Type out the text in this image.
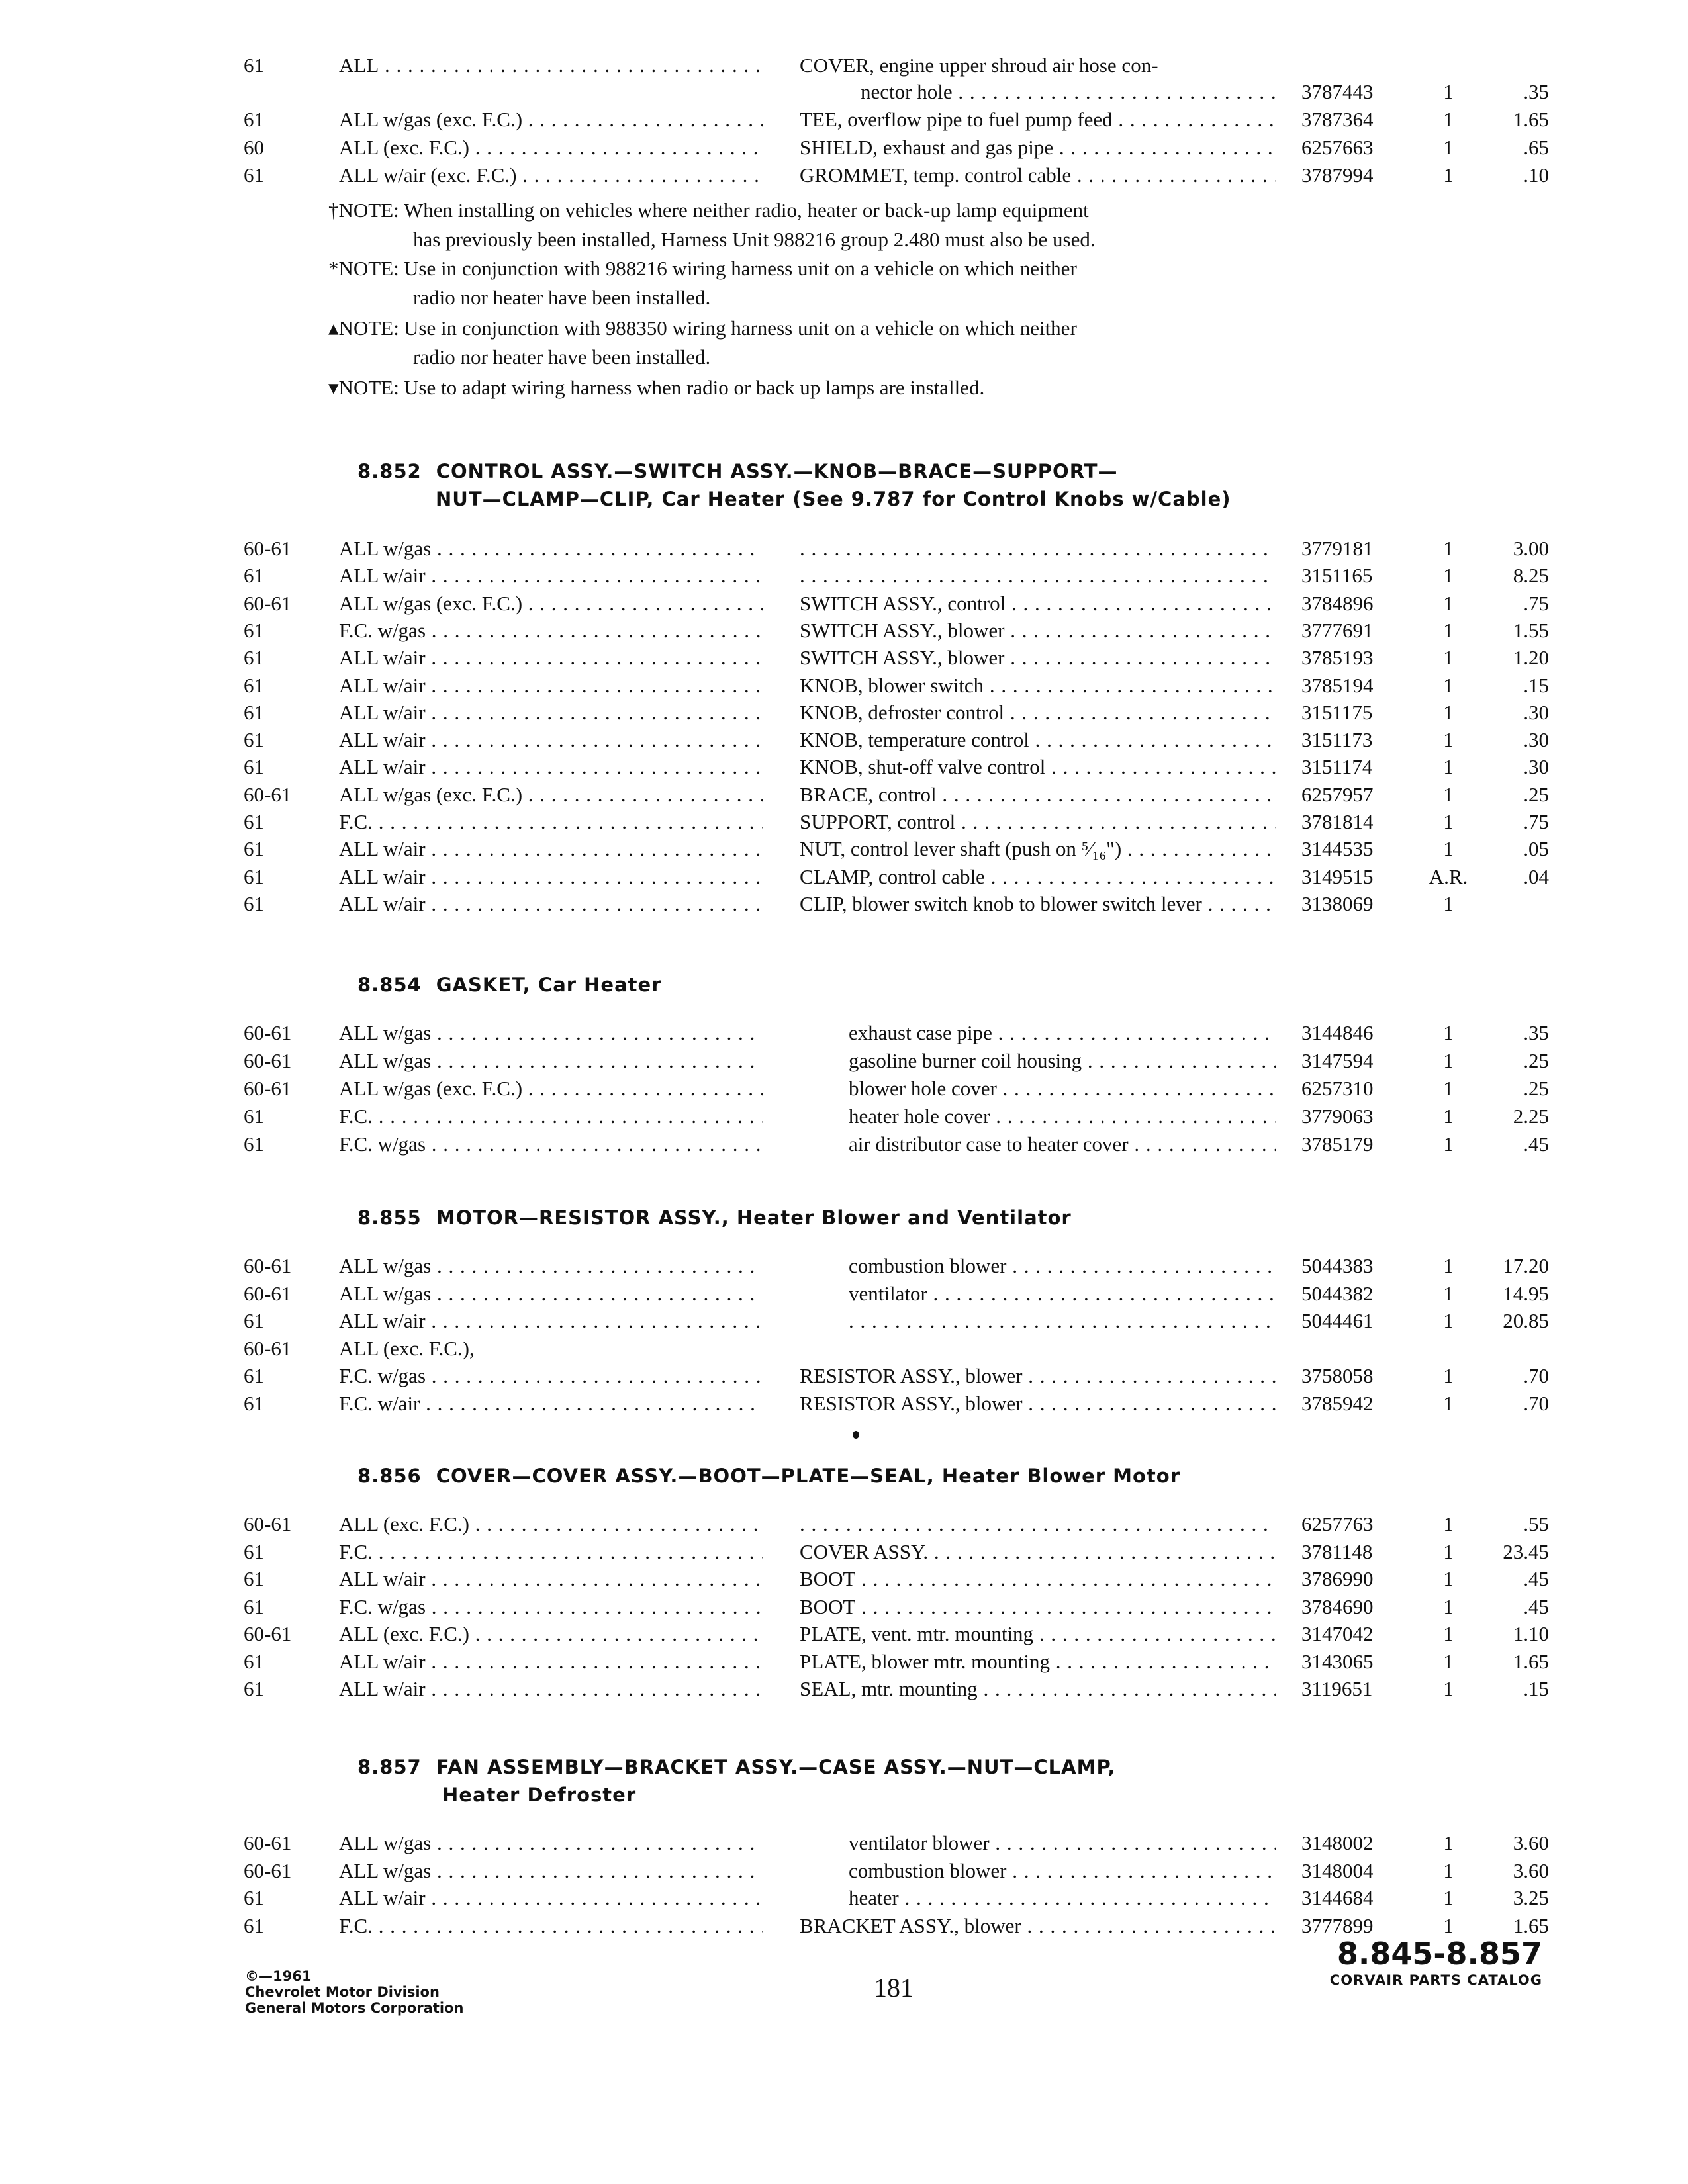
61	ALL . . .	COVER, engine upper shroud air hose con-
nector hole . . .	3787443	1	.35
61	ALL w/gas (exc. F.C.) . . .	TEE, overflow pipe to fuel pump feed . . .	3787364	1	1.65
60	ALL (exc. F.C.) . . .	SHIELD, exhaust and gas pipe . . .	6257663	1	.65
61	ALL w/air (exc. F.C.) . . .	GROMMET, temp. control cable . . .	3787994	1	.10
†NOTE: When installing on vehicles where neither radio, heater or back-up lamp equipment
has previously been installed, Harness Unit 988216 group 2.480 must also be used.
*NOTE: Use in conjunction with 988216 wiring harness unit on a vehicle on which neither
radio nor heater have been installed.
▴NOTE: Use in conjunction with 988350 wiring harness unit on a vehicle on which neither
radio nor heater have been installed.
▾NOTE: Use to adapt wiring harness when radio or back up lamps are installed.
8.852 CONTROL ASSY.—SWITCH ASSY.—KNOB—BRACE—SUPPORT—
NUT—CLAMP—CLIP, Car Heater (See 9.787 for Control Knobs w/Cable)
60-61 ALL w/gas . . . . . .	3779181	1	3.00
61	ALL w/air . . . . . .	3151165	1	8.25
60-61 ALL w/gas (exc. F.C.) . . .	SWITCH ASSY., control . . .	3784896	1	.75
61	F.C. w/gas . . .	SWITCH ASSY., blower . . .	3777691	1	1.55
61	ALL w/air . . .	SWITCH ASSY., blower . . .	3785193	1	1.20
61	ALL w/air . . .	KNOB, blower switch . . .	3785194	1	.15
61	ALL w/air . . .	KNOB, defroster control . . .	3151175	1	.30
61	ALL w/air . . .	KNOB, temperature control . . .	3151173	1	.30
61	ALL w/air . . .	KNOB, shut-off valve control . . .	3151174	1	.30
60-61 ALL w/gas (exc. F.C.) . . .	BRACE, control . . .	6257957	1	.25
61	F.C. . . .	SUPPORT, control . . .	3781814	1	.75
61	ALL w/air . . .	NUT, control lever shaft (push on ⁵⁄₁₆") . . .	3144535	1	.05
61	ALL w/air . . .	CLAMP, control cable . . .	3149515	A.R.	.04
61	ALL w/air . . .	CLIP, blower switch knob to blower switch lever . . .	3138069	1
8.854 GASKET, Car Heater
60-61 ALL w/gas . . .	exhaust case pipe . . .	3144846	1	.35
60-61 ALL w/gas . . .	gasoline burner coil housing . . .	3147594	1	.25
60-61 ALL w/gas (exc. F.C.) . . .	blower hole cover . . .	6257310	1	.25
61	F.C. . . .	heater hole cover . . .	3779063	1	2.25
61	F.C. w/gas . . .	air distributor case to heater cover . . .	3785179	1	.45
8.855 MOTOR—RESISTOR ASSY., Heater Blower and Ventilator
60-61 ALL w/gas . . .	combustion blower . . .	5044383	1	17.20
60-61 ALL w/gas . . .	ventilator . . .	5044382	1	14.95
61	ALL w/air . . . . . .	5044461	1	20.85
60-61 ALL (exc. F.C.),
61	F.C. w/gas . . .	RESISTOR ASSY., blower . . .	3758058	1	.70
61	F.C. w/air . . .	RESISTOR ASSY., blower . . .	3785942	1	.70
8.856 COVER—COVER ASSY.—BOOT—PLATE—SEAL, Heater Blower Motor
60-61 ALL (exc. F.C.) . . . . . .	6257763	1	.55
61	F.C. . . .	COVER ASSY. . . .	3781148	1	23.45
61	ALL w/air . . .	BOOT . . .	3786990	1	.45
61	F.C. w/gas . . .	BOOT . . .	3784690	1	.45
60-61 ALL (exc. F.C.) . . .	PLATE, vent. mtr. mounting . . .	3147042	1	1.10
61	ALL w/air . . .	PLATE, blower mtr. mounting . . .	3143065	1	1.65
61	ALL w/air . . .	SEAL, mtr. mounting . . .	3119651	1	.15
8.857 FAN ASSEMBLY—BRACKET ASSY.—CASE ASSY.—NUT—CLAMP,
Heater Defroster
60-61 ALL w/gas . . .	ventilator blower . . .	3148002	1	3.60
60-61 ALL w/gas . . .	combustion blower . . .	3148004	1	3.60
61	ALL w/air . . .	heater . . .	3144684	1	3.25
61	F.C. . . .	BRACKET ASSY., blower . . .	3777899	1	1.65
©—1961
Chevrolet Motor Division
General Motors Corporation
181
8.845-8.857
CORVAIR PARTS CATALOG
